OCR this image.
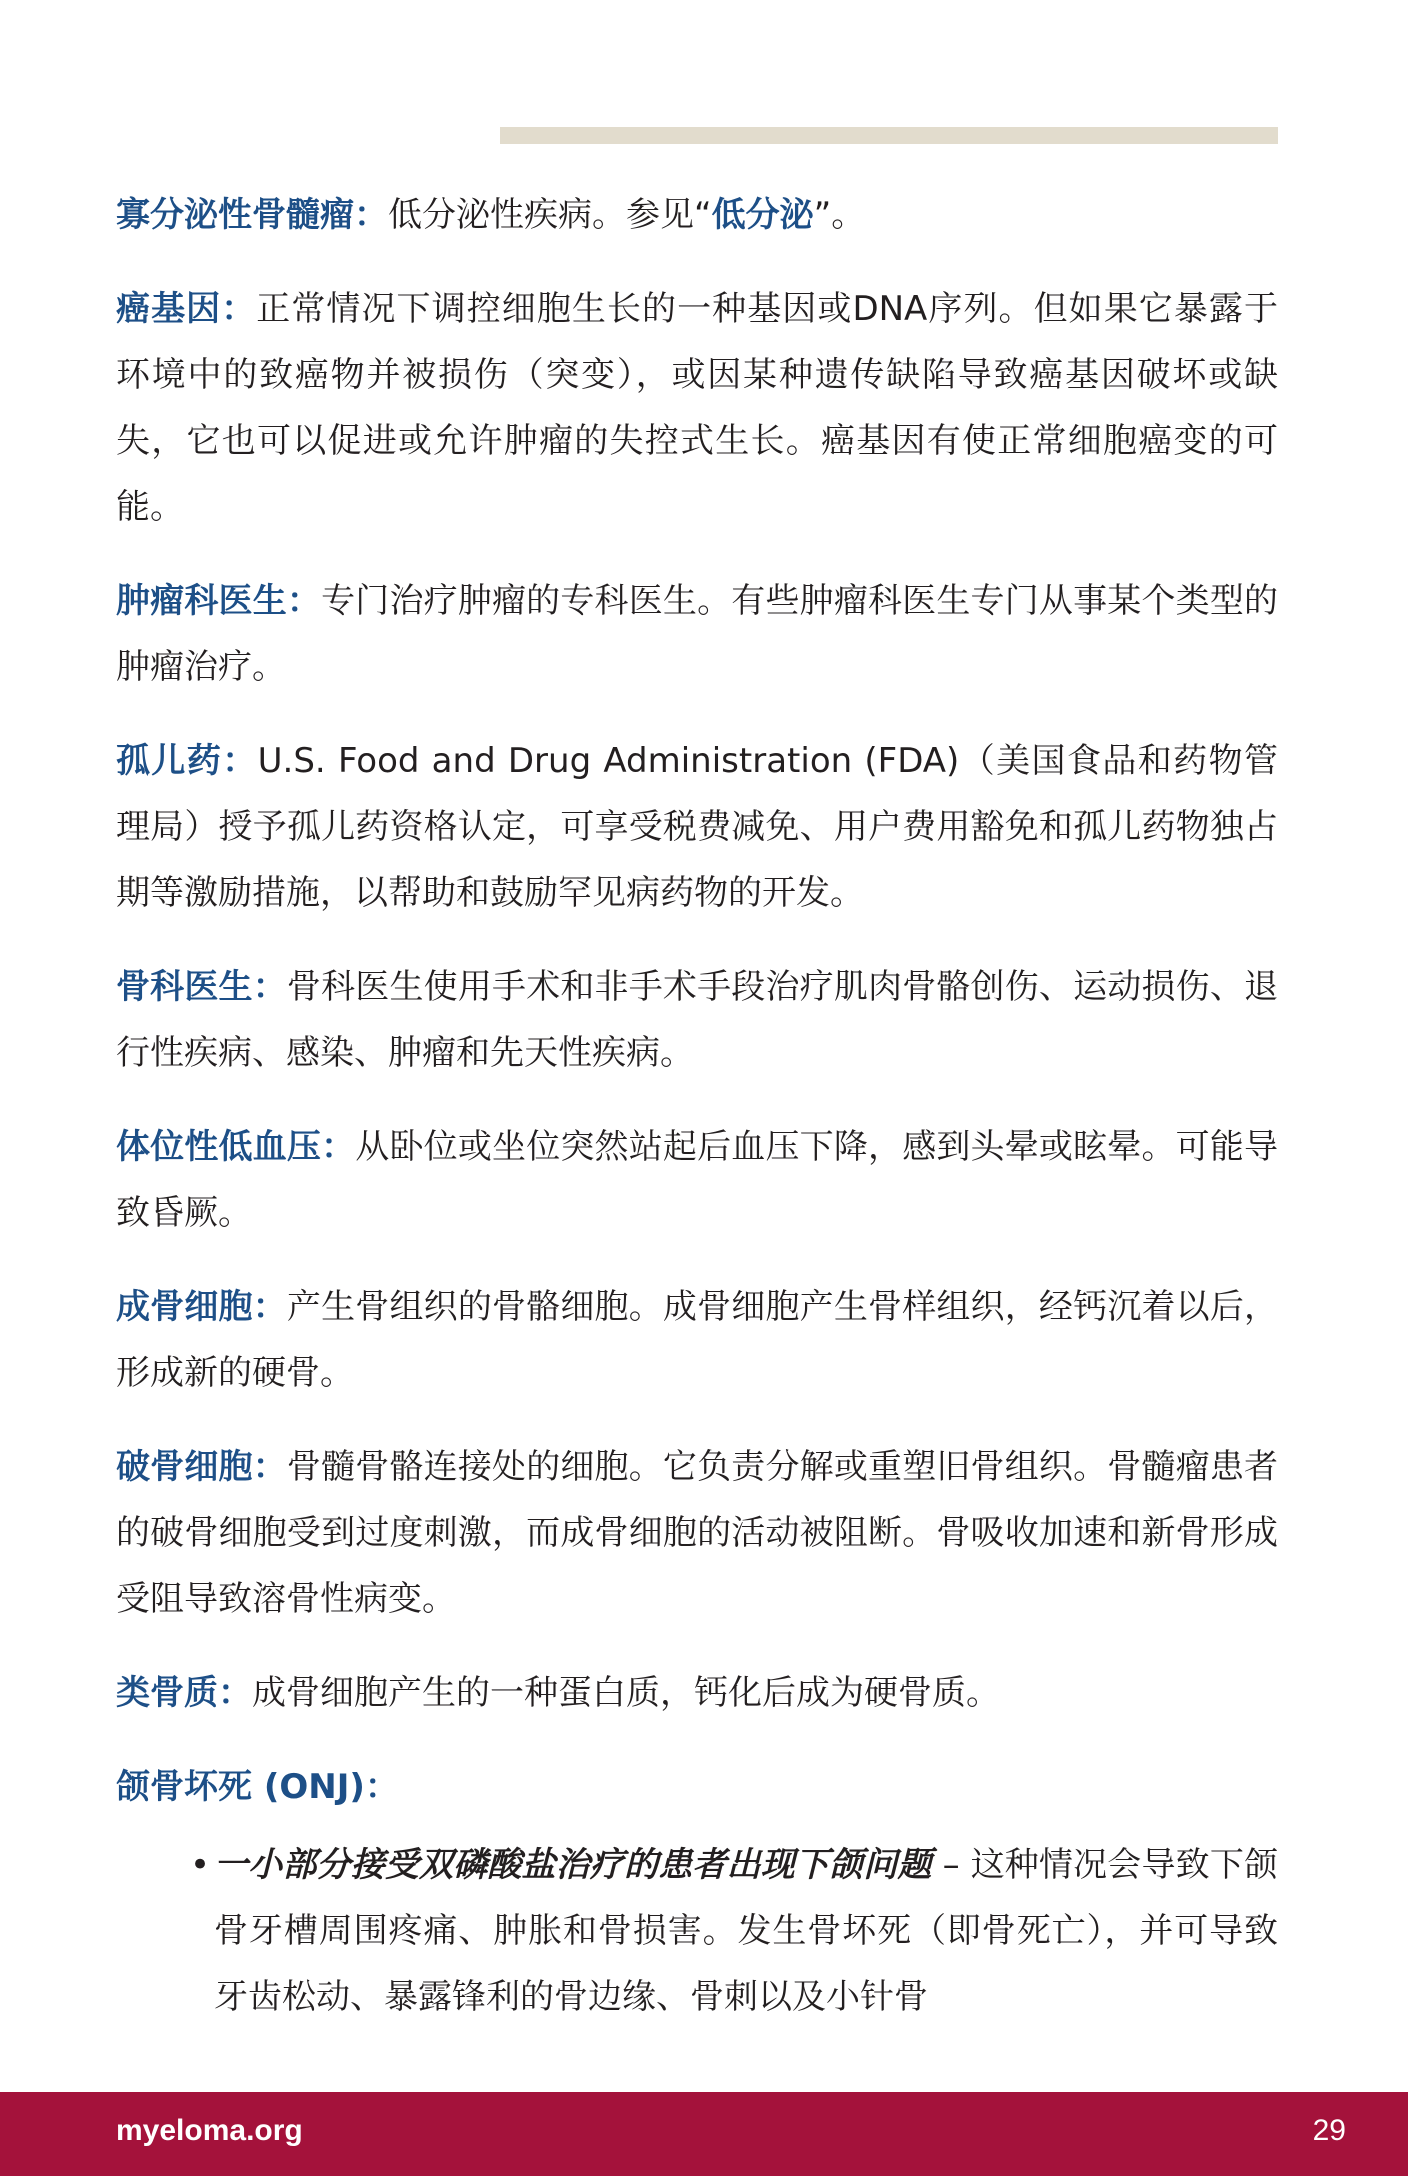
寡分泌性骨髓瘤：低分泌性疾病。参见“低分泌”。

癌基因：正常情况下调控细胞生长的一种基因或DNA序列。但如果它暴露于环境中的致癌物并被损伤（突变），或因某种遗传缺陷导致癌基因破坏或缺失，它也可以促进或允许肿瘤的失控式生长。癌基因有使正常细胞癌变的可能。

肿瘤科医生：专门治疗肿瘤的专科医生。有些肿瘤科医生专门从事某个类型的肿瘤治疗。

孤儿药：U.S. Food and Drug Administration (FDA)（美国食品和药物管理局）授予孤儿药资格认定，可享受税费减免、用户费用豁免和孤儿药物独占期等激励措施，以帮助和鼓励罕见病药物的开发。

骨科医生：骨科医生使用手术和非手术手段治疗肌肉骨骼创伤、运动损伤、退行性疾病、感染、肿瘤和先天性疾病。

体位性低血压：从卧位或坐位突然站起后血压下降，感到头晕或眩晕。可能导致昏厥。

成骨细胞：产生骨组织的骨骼细胞。成骨细胞产生骨样组织，经钙沉着以后，形成新的硬骨。

破骨细胞：骨髓骨骼连接处的细胞。它负责分解或重塑旧骨组织。骨髓瘤患者的破骨细胞受到过度刺激，而成骨细胞的活动被阻断。骨吸收加速和新骨形成受阻导致溶骨性病变。

类骨质：成骨细胞产生的一种蛋白质，钙化后成为硬骨质。

颌骨坏死 (ONJ)：

• 一小部分接受双磷酸盐治疗的患者出现下颌问题 – 这种情况会导致下颌骨牙槽周围疼痛、肿胀和骨损害。发生骨坏死（即骨死亡），并可导致牙齿松动、暴露锋利的骨边缘、骨刺以及小针骨
myeloma.org	29
